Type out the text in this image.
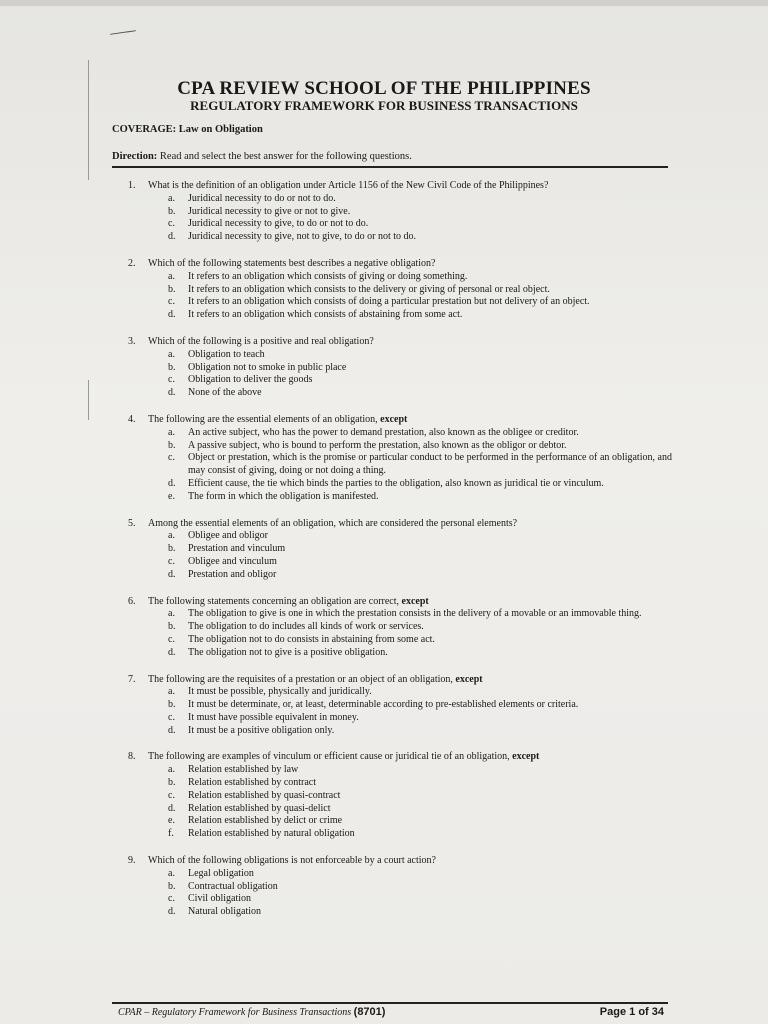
CPA REVIEW SCHOOL OF THE PHILIPPINES
REGULATORY FRAMEWORK FOR BUSINESS TRANSACTIONS
COVERAGE: Law on Obligation
Direction: Read and select the best answer for the following questions.
1. What is the definition of an obligation under Article 1156 of the New Civil Code of the Philippines?
a. Juridical necessity to do or not to do.
b. Juridical necessity to give or not to give.
c. Juridical necessity to give, to do or not to do.
d. Juridical necessity to give, not to give, to do or not to do.
2. Which of the following statements best describes a negative obligation?
a. It refers to an obligation which consists of giving or doing something.
b. It refers to an obligation which consists to the delivery or giving of personal or real object.
c. It refers to an obligation which consists of doing a particular prestation but not delivery of an object.
d. It refers to an obligation which consists of abstaining from some act.
3. Which of the following is a positive and real obligation?
a. Obligation to teach
b. Obligation not to smoke in public place
c. Obligation to deliver the goods
d. None of the above
4. The following are the essential elements of an obligation, except
a. An active subject, who has the power to demand prestation, also known as the obligee or creditor.
b. A passive subject, who is bound to perform the prestation, also known as the obligor or debtor.
c. Object or prestation, which is the promise or particular conduct to be performed in the performance of an obligation, and may consist of giving, doing or not doing a thing.
d. Efficient cause, the tie which binds the parties to the obligation, also known as juridical tie or vinculum.
e. The form in which the obligation is manifested.
5. Among the essential elements of an obligation, which are considered the personal elements?
a. Obligee and obligor
b. Prestation and vinculum
c. Obligee and vinculum
d. Prestation and obligor
6. The following statements concerning an obligation are correct, except
a. The obligation to give is one in which the prestation consists in the delivery of a movable or an immovable thing.
b. The obligation to do includes all kinds of work or services.
c. The obligation not to do consists in abstaining from some act.
d. The obligation not to give is a positive obligation.
7. The following are the requisites of a prestation or an object of an obligation, except
a. It must be possible, physically and juridically.
b. It must be determinate, or, at least, determinable according to pre-established elements or criteria.
c. It must have possible equivalent in money.
d. It must be a positive obligation only.
8. The following are examples of vinculum or efficient cause or juridical tie of an obligation, except
a. Relation established by law
b. Relation established by contract
c. Relation established by quasi-contract
d. Relation established by quasi-delict
e. Relation established by delict or crime
f. Relation established by natural obligation
9. Which of the following obligations is not enforceable by a court action?
a. Legal obligation
b. Contractual obligation
c. Civil obligation
d. Natural obligation
CPAR – Regulatory Framework for Business Transactions (8701)	Page 1 of 34
